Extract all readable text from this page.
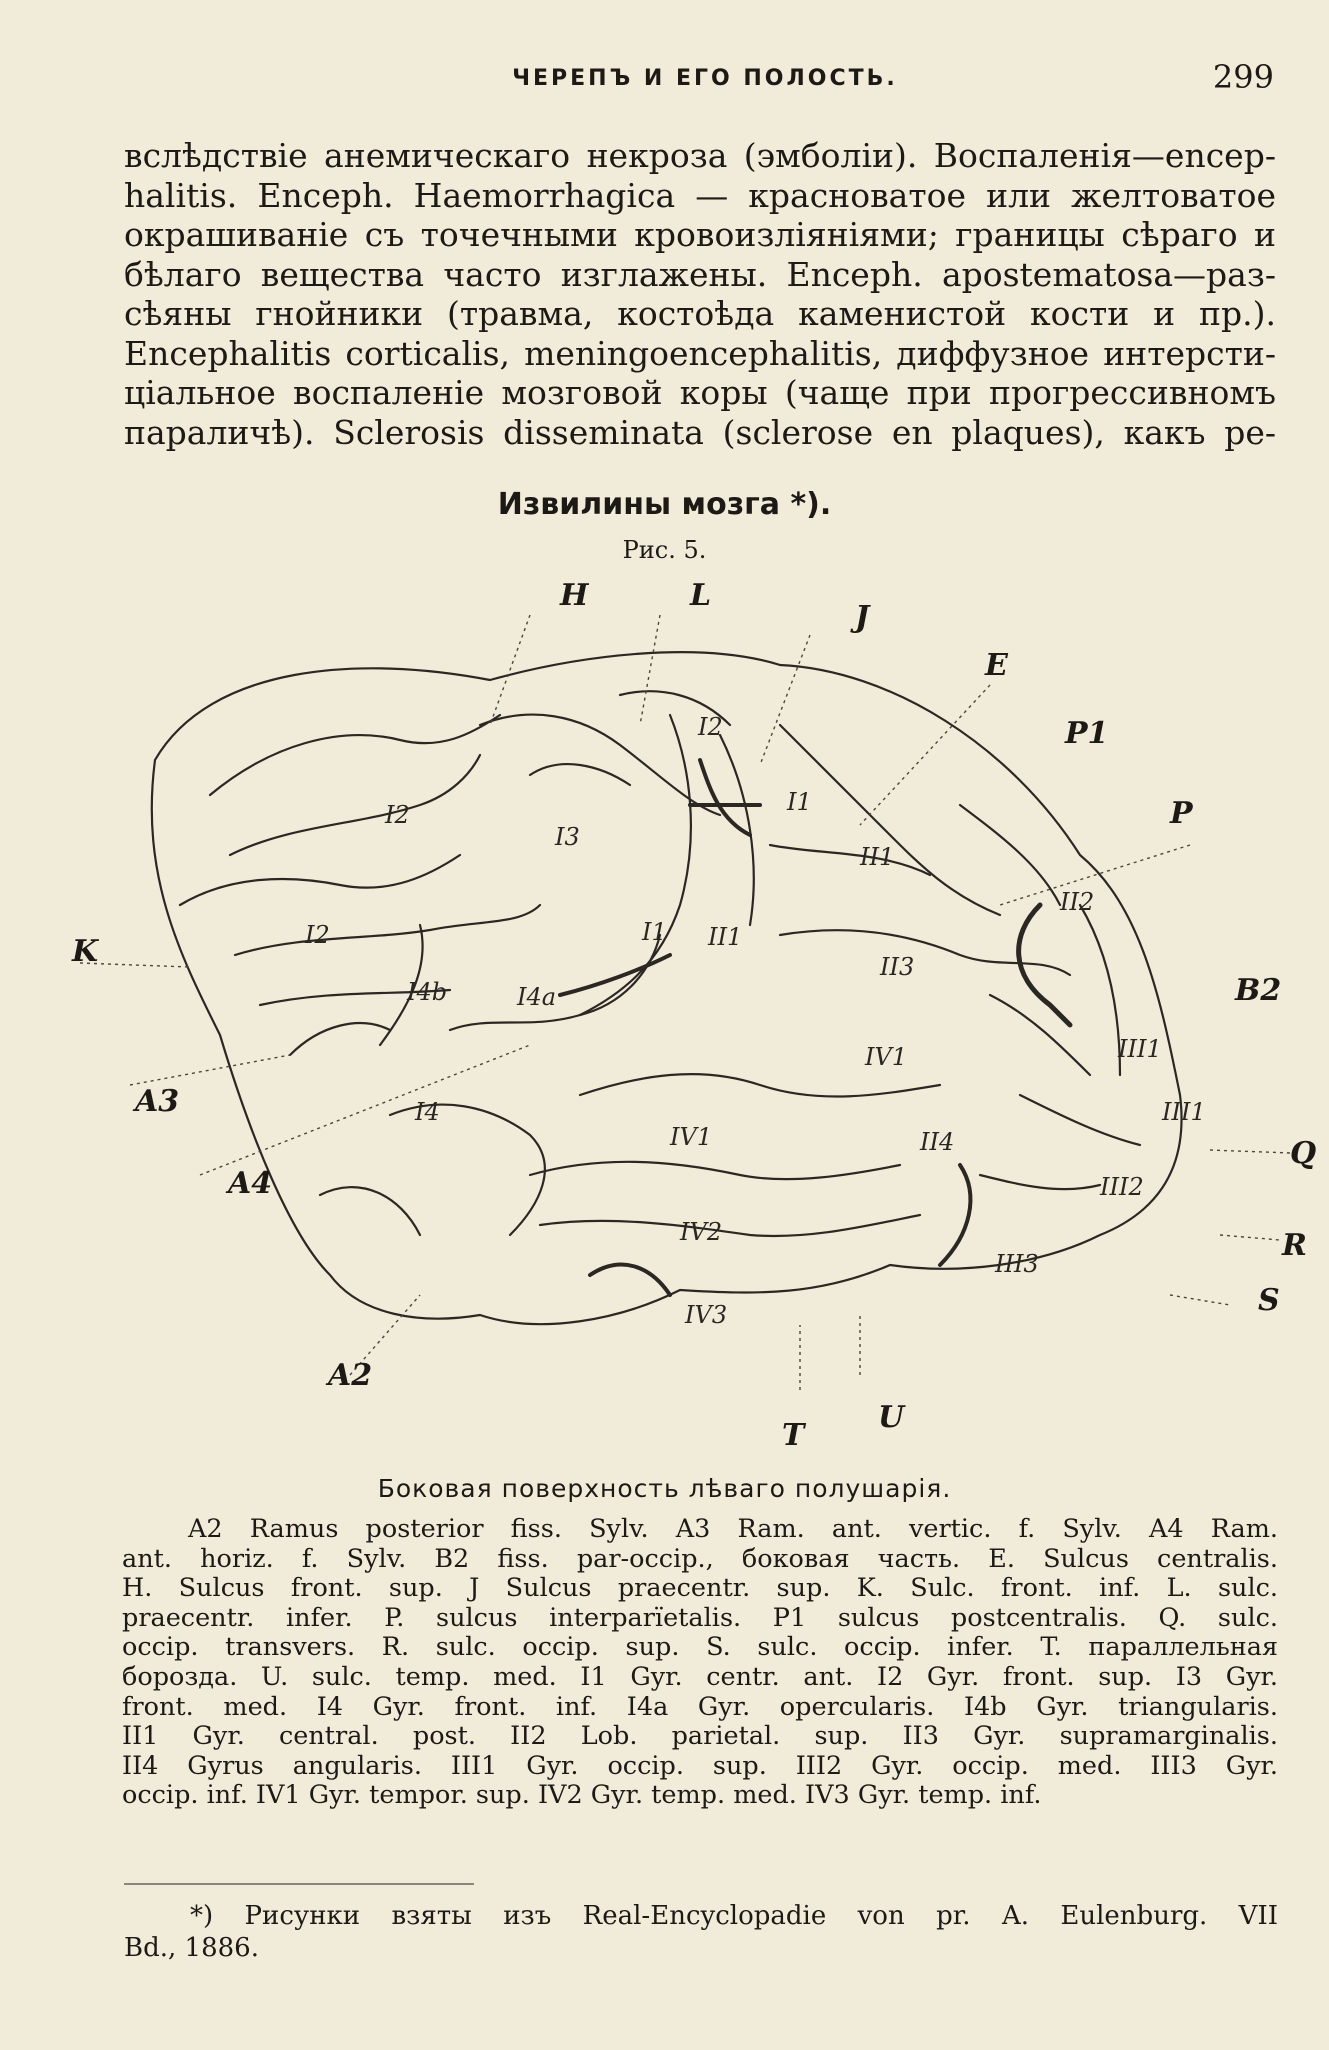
ЧЕРЕПЪ И ЕГО ПОЛОСТЬ.	299
вслѣдствіе анемическаго некроза (эмболіи). Воспаленія—encep-
halitis. Enceph. Haemorrhagica — красноватое или желтоватое
окрашиваніе съ точечными кровоизліяніями; границы сѣраго и
бѣлаго вещества часто изглажены. Enceph. apostematosa—раз-
сѣяны гнойники (травма, костоѣда каменистой кости и пр.).
Encephalitis corticalis, meningoencephalitis, диффузное интерсти-
ціальное воспаленіе мозговой коры (чаще при прогрессивномъ
параличѣ). Sclerosis disseminata (sclerose en plaques), какъ ре-
Извилины мозга *).
Рис. 5.
H	L
J
E
P1
P
K
B2
A3
A4
Q
R
S
A2
T
U
I2
I2
I2
I1
I3
I1
II1
II1
II2
II3
I4b	I4a
I4
III1
III1
IV1
IV1	II4
III2
IV2
III3
IV3
Боковая поверхность лѣваго полушарія.
A2 Ramus posterior fiss. Sylv. A3 Ram. ant. vertic. f. Sylv. A4 Ram.
ant. horiz. f. Sylv. B2 fiss. par-occip., боковая часть. E. Sulcus centralis.
H. Sulcus front. sup. J Sulcus praecentr. sup. K. Sulc. front. inf. L. sulc.
praecentr. infer. P. sulcus interparïetalis. P1 sulcus postcentralis. Q. sulc.
occip. transvers. R. sulc. occip. sup. S. sulc. occip. infer. T. параллельная
борозда. U. sulc. temp. med. I1 Gyr. centr. ant. I2 Gyr. front. sup. I3 Gyr.
front. med. I4 Gyr. front. inf. I4a Gyr. opercularis. I4b Gyr. triangularis.
II1 Gyr. central. post. II2 Lob. parietal. sup. II3 Gyr. supramarginalis.
II4 Gyrus angularis. III1 Gyr. occip. sup. III2 Gyr. occip. med. III3 Gyr.
occip. inf. IV1 Gyr. tempor. sup. IV2 Gyr. temp. med. IV3 Gyr. temp. inf.
*) Рисунки взяты изъ Real-Encyclopadie von pr. A. Eulenburg. VII
Bd., 1886.
